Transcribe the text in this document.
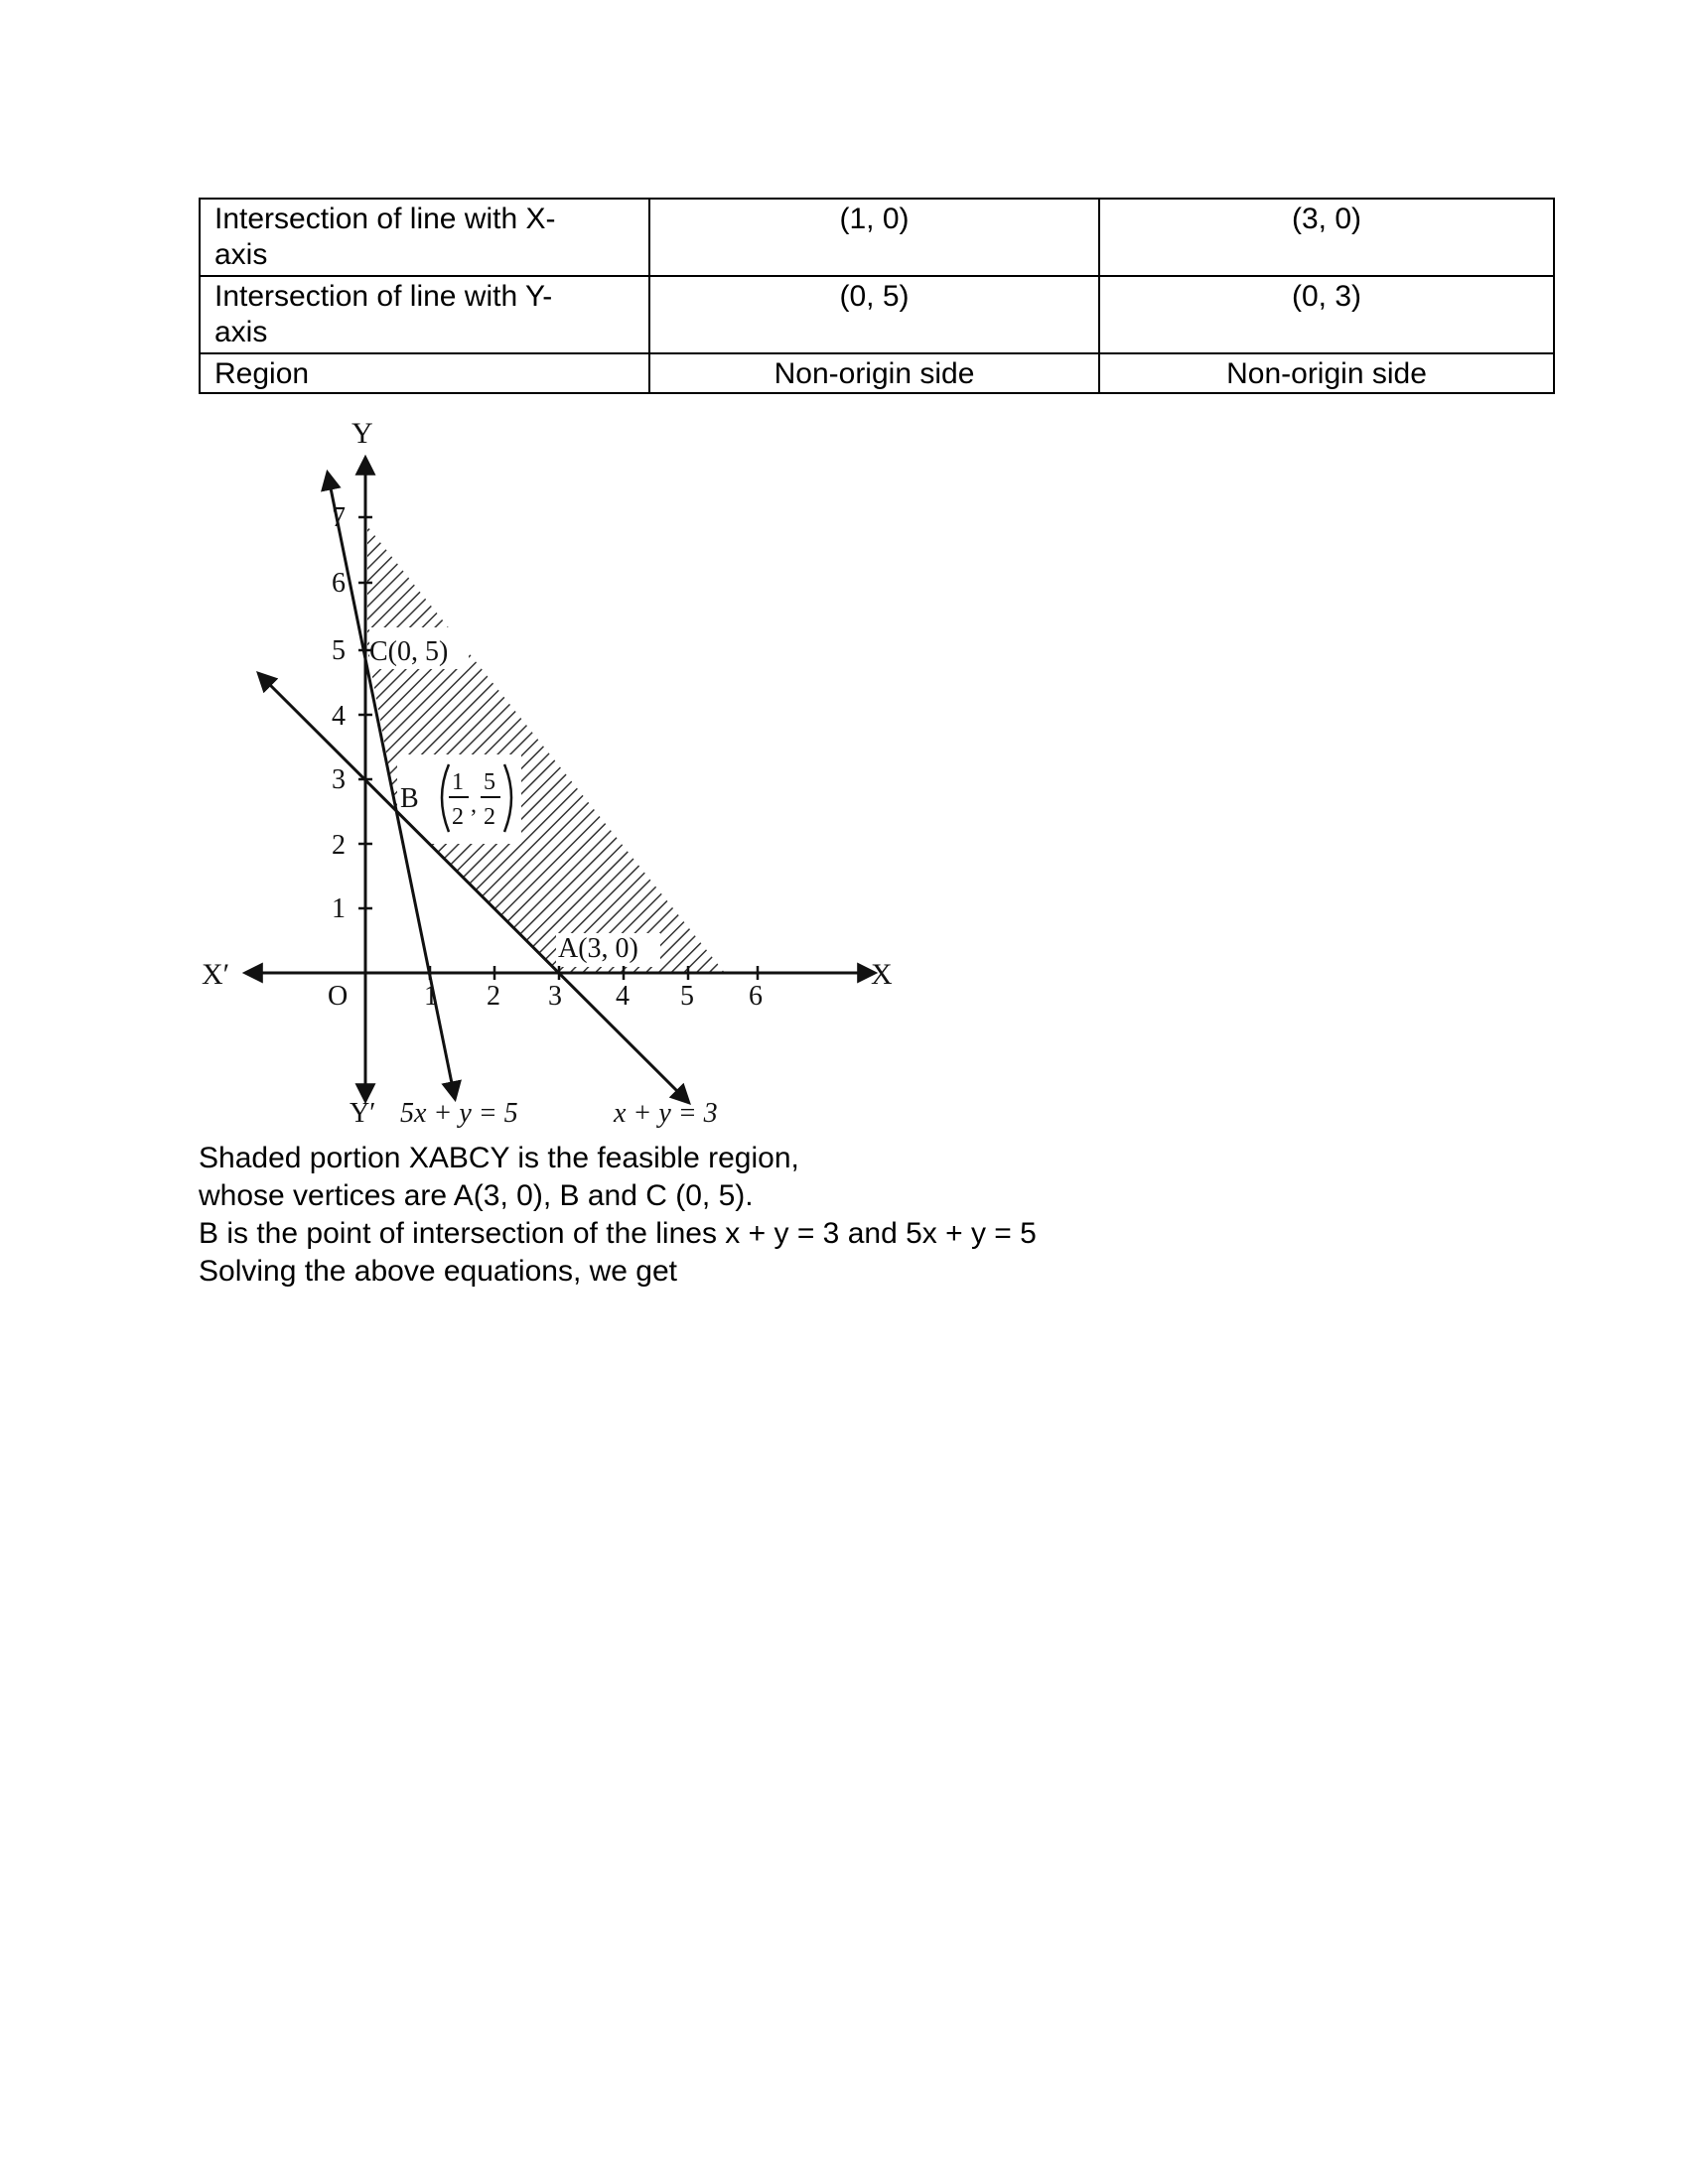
Intersection of line with X-
axis	(1, 0)	(3, 0)
Intersection of line with Y-
axis	(0, 5)	(0, 3)
Region	Non-origin side	Non-origin side
Y
Y′
X
X′
O	1 2 3 4 5 6
1
2
3
4
5
6
7
C(0, 5)
A(3, 0)
B
1
2 ,
5
2
5x + y = 5	x + y = 3
Shaded portion XABCY is the feasible region,
whose vertices are A(3, 0), B and C (0, 5).
B is the point of intersection of the lines x + y = 3 and 5x + y = 5
Solving the above equations, we get
